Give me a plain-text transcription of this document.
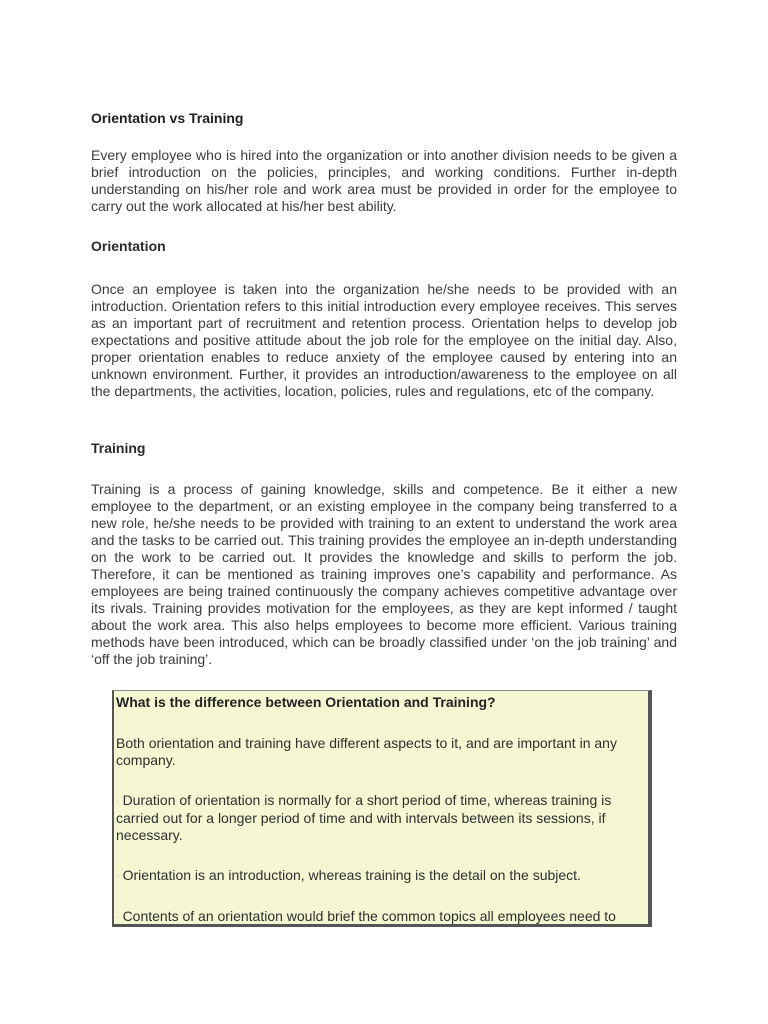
Orientation vs Training

Every employee who is hired into the organization or into another division needs to be given a brief introduction on the policies, principles, and working conditions. Further in-depth understanding on his/her role and work area must be provided in order for the employee to carry out the work allocated at his/her best ability.

Orientation

Once an employee is taken into the organization he/she needs to be provided with an introduction. Orientation refers to this initial introduction every employee receives. This serves as an important part of recruitment and retention process. Orientation helps to develop job expectations and positive attitude about the job role for the employee on the initial day. Also, proper orientation enables to reduce anxiety of the employee caused by entering into an unknown environment. Further, it provides an introduction/awareness to the employee on all the departments, the activities, location, policies, rules and regulations, etc of the company.

Training

Training is a process of gaining knowledge, skills and competence. Be it either a new employee to the department, or an existing employee in the company being transferred to a new role, he/she needs to be provided with training to an extent to understand the work area and the tasks to be carried out. This training provides the employee an in-depth understanding on the work to be carried out. It provides the knowledge and skills to perform the job. Therefore, it can be mentioned as training improves one’s capability and performance. As employees are being trained continuously the company achieves competitive advantage over its rivals. Training provides motivation for the employees, as they are kept informed / taught about the work area. This also helps employees to become more efficient. Various training methods have been introduced, which can be broadly classified under ‘on the job training’ and ‘off the job training’.

What is the difference between Orientation and Training?

Both orientation and training have different aspects to it, and are important in any company.

· Duration of orientation is normally for a short period of time, whereas training is carried out for a longer period of time and with intervals between its sessions, if necessary.

· Orientation is an introduction, whereas training is the detail on the subject.

· Contents of an orientation would brief the common topics all employees need to
